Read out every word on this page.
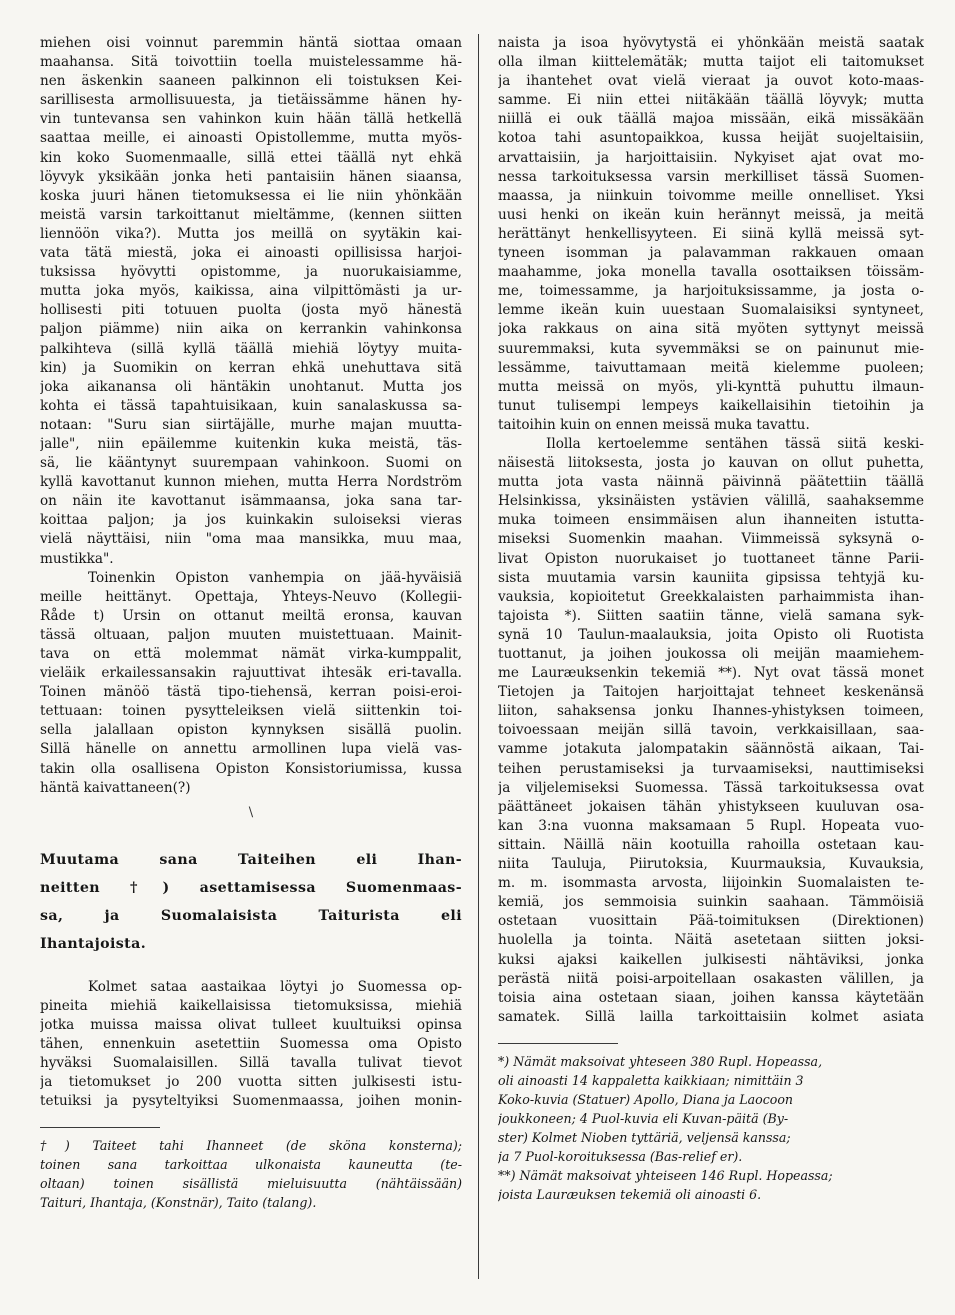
miehen oisi voinnut paremmin häntä siottaa omaan
maahansa. Sitä toivottiin toella muistelessamme hä-
nen äskenkin saaneen palkinnon eli toistuksen Kei-
sarillisesta armollisuuesta, ja tietäissämme hänen hy-
vin tuntevansa sen vahinkon kuin hään tällä hetkellä
saattaa meille, ei ainoasti Opistollemme, mutta myös-
kin koko Suomenmaalle, sillä ettei täällä nyt ehkä
löyvyk yksikään jonka heti pantaisiin hänen siaansa,
koska juuri hänen tietomuksessa ei lie niin yhönkään
meistä varsin tarkoittanut mieltämme, (kennen siitten
liennöön vika?). Mutta jos meillä on syytäkin kai-
vata tätä miestä, joka ei ainoasti opillisissa harjoi-
tuksissa hyövytti opistomme, ja nuorukaisiamme,
mutta joka myös, kaikissa, aina vilpittömästi ja ur-
hollisesti piti totuuen puolta (josta myö hänestä
paljon piämme) niin aika on kerrankin vahinkonsa
palkihteva (sillä kyllä täällä miehiä löytyy muita-
kin) ja Suomikin on kerran ehkä unehuttava sitä
joka aikanansa oli häntäkin unohtanut. Mutta jos
kohta ei tässä tapahtuisikaan, kuin sanalaskussa sa-
notaan: "Suru sian siirtäjälle, murhe majan muutta-
jalle", niin epäilemme kuitenkin kuka meistä, täs-
sä, lie kääntynyt suurempaan vahinkoon. Suomi on
kyllä kavottanut kunnon miehen, mutta Herra Nordström
on näin ite kavottanut isämmaansa, joka sana tar-
koittaa paljon; ja jos kuinkakin suloiseksi vieras
vielä näyttäisi, niin "oma maa mansikka, muu maa,
mustikka".
Toinenkin Opiston vanhempia on jää-hyväisiä
meille heittänyt. Opettaja, Yhteys-Neuvo (Kollegii-
Råde t) Ursin on ottanut meiltä eronsa, kauvan
tässä oltuaan, paljon muuten muistettuaan. Mainit-
tava on että molemmat nämät virka-kumppalit,
vieläik erkailessansakin rajuuttivat ihtesäk eri-tavalla.
Toinen mänöö tästä tipo-tiehensä, kerran poisi-eroi-
tettuaan: toinen pysytteleiksen vielä siittenkin toi-
sella jalallaan opiston kynnyksen sisällä puolin.
Sillä hänelle on annettu armollinen lupa vielä vas-
takin olla osallisena Opiston Konsistoriumissa, kussa
häntä kaivattaneen(?)
\
Muutama sana Taiteihen eli Ihan-
neitten †) asettamisessa Suomenmaas-
sa, ja Suomalaisista Taiturista eli
Ihantajoista.
Kolmet sataa aastaikaa löytyi jo Suomessa op-
pineita miehiä kaikellaisissa tietomuksissa, miehiä
jotka muissa maissa olivat tulleet kuultuiksi opinsa
tähen, ennenkuin asetettiin Suomessa oma Opisto
hyväksi Suomalaisillen. Sillä tavalla tulivat tievot
ja tietomukset jo 200 vuotta sitten julkisesti istu-
tetuiksi ja pysyteltyiksi Suomenmaassa, joihen monin-
†) Taiteet tahi Ihanneet (de sköna konsterna);
toinen sana tarkoittaa ulkonaista kauneutta (te-
oltaan) toinen sisällistä mieluisuutta (nähtäissään)
Taituri, Ihantaja, (Konstnär), Taito (talang).
naista ja isoa hyövytystä ei yhönkään meistä saatak
olla ilman kiittelemätäk; mutta taijot eli taitomukset
ja ihantehet ovat vielä vieraat ja ouvot koto-maas-
samme. Ei niin ettei niitäkään täällä löyvyk; mutta
niillä ei ouk täällä majoa missään, eikä missäkään
kotoa tahi asuntopaikkoa, kussa heijät suojeltaisiin,
arvattaisiin, ja harjoittaisiin. Nykyiset ajat ovat mo-
nessa tarkoituksessa varsin merkilliset tässä Suomen-
maassa, ja niinkuin toivomme meille onnelliset. Yksi
uusi henki on ikeän kuin herännyt meissä, ja meitä
herättänyt henkellisyyteen. Ei siinä kyllä meissä syt-
tyneen isomman ja palavamman rakkauen omaan
maahamme, joka monella tavalla osottaiksen töissäm-
me, toimessamme, ja harjoituksissamme, ja josta o-
lemme ikeän kuin uuestaan Suomalaisiksi syntyneet,
joka rakkaus on aina sitä myöten syttynyt meissä
suuremmaksi, kuta syvemmäksi se on painunut mie-
lessämme, taivuttamaan meitä kielemme puoleen;
mutta meissä on myös, yli-kynttä puhuttu ilmaun-
tunut tulisempi lempeys kaikellaisihin tietoihin ja
taitoihin kuin on ennen meissä muka tavattu.
Ilolla kertoelemme sentähen tässä siitä keski-
näisestä liitoksesta, josta jo kauvan on ollut puhetta,
mutta jota vasta näinnä päivinnä päätettiin täällä
Helsinkissa, yksinäisten ystävien välillä, saahaksemme
muka toimeen ensimmäisen alun ihanneiten istutta-
miseksi Suomenkin maahan. Viimmeissä syksynä o-
livat Opiston nuorukaiset jo tuottaneet tänne Parii-
sista muutamia varsin kauniita gipsissa tehtyjä ku-
vauksia, kopioitetut Greekkalaisten parhaimmista ihan-
tajoista *). Siitten saatiin tänne, vielä samana syk-
synä 10 Taulun-maalauksia, joita Opisto oli Ruotista
tuottanut, ja joihen joukossa oli meijän maamiehem-
me Lauræuksenkin tekemiä **). Nyt ovat tässä monet
Tietojen ja Taitojen harjoittajat tehneet keskenänsä
liiton, sahaksensa jonku Ihannes-yhistyksen toimeen,
toivoessaan meijän sillä tavoin, verkkaisillaan, saa-
vamme jotakuta jalompatakin säännöstä aikaan, Tai-
teihen perustamiseksi ja turvaamiseksi, nauttimiseksi
ja viljelemiseksi Suomessa. Tässä tarkoituksessa ovat
päättäneet jokaisen tähän yhistykseen kuuluvan osa-
kan 3:na vuonna maksamaan 5 Rupl. Hopeata vuo-
sittain. Näillä näin kootuilla rahoilla ostetaan kau-
niita Tauluja, Piirutoksia, Kuurmauksia, Kuvauksia,
m. m. isommasta arvosta, liijoinkin Suomalaisten te-
kemiä, jos semmoisia suinkin saahaan. Tämmöisiä
ostetaan vuosittain Pää-toimituksen (Direktionen)
huolella ja tointa. Näitä asetetaan siitten joksi-
kuksi ajaksi kaikellen julkisesti nähtäviksi, jonka
perästä niitä poisi-arpoitellaan osakasten välillen, ja
toisia aina ostetaan siaan, joihen kanssa käytetään
samatek. Sillä lailla tarkoittaisiin kolmet asiata
*) Nämät maksoivat yhteseen 380 Rupl. Hopeassa,
oli ainoasti 14 kappaletta kaikkiaan; nimittäin 3
Koko-kuvia (Statuer) Apollo, Diana ja Laocoon
joukkoneen; 4 Puol-kuvia eli Kuvan-päitä (By-
ster) Kolmet Nioben tyttäriä, veljensä kanssa;
ja 7 Puol-koroituksessa (Bas-relief er).
**) Nämät maksoivat yhteiseen 146 Rupl. Hopeassa;
joista Lauræuksen tekemiä oli ainoasti 6.
